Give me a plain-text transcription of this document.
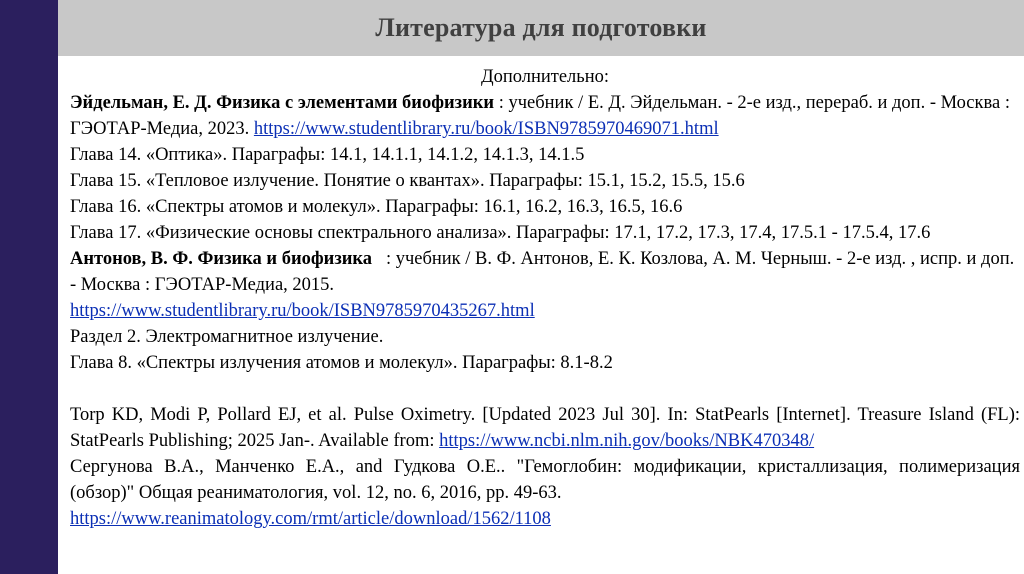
Литература для подготовки

Дополнительно:

Эйдельман, Е. Д. Физика с элементами биофизики : учебник / Е. Д. Эйдельман. - 2-е изд., перераб. и доп. - Москва : ГЭОТАР-Медиа, 2023. https://www.studentlibrary.ru/book/ISBN9785970469071.html

Глава 14. «Оптика». Параграфы: 14.1, 14.1.1, 14.1.2, 14.1.3, 14.1.5

Глава 15. «Тепловое излучение. Понятие о квантах». Параграфы: 15.1, 15.2, 15.5, 15.6

Глава 16. «Спектры атомов и молекул». Параграфы: 16.1, 16.2, 16.3, 16.5, 16.6

Глава 17. «Физические основы спектрального анализа». Параграфы: 17.1, 17.2, 17.3, 17.4, 17.5.1 - 17.5.4, 17.6

Антонов, В. Ф. Физика и биофизика   : учебник / В. Ф. Антонов, Е. К. Козлова, А. М. Черныш. - 2-е изд. , испр. и доп. - Москва : ГЭОТАР-Медиа, 2015.
https://www.studentlibrary.ru/book/ISBN9785970435267.html

Раздел 2. Электромагнитное излучение.

Глава 8. «Спектры излучения атомов и молекул». Параграфы: 8.1-8.2

Torp KD, Modi P, Pollard EJ, et al. Pulse Oximetry. [Updated 2023 Jul 30]. In: StatPearls [Internet]. Treasure Island (FL): StatPearls Publishing; 2025 Jan-. Available from: https://www.ncbi.nlm.nih.gov/books/NBK470348/

Сергунова В.А., Манченко Е.А., and Гудкова О.Е.. "Гемоглобин: модификации, кристаллизация, полимеризация (обзор)" Общая реаниматология, vol. 12, no. 6, 2016, pp. 49-63.
https://www.reanimatology.com/rmt/article/download/1562/1108
